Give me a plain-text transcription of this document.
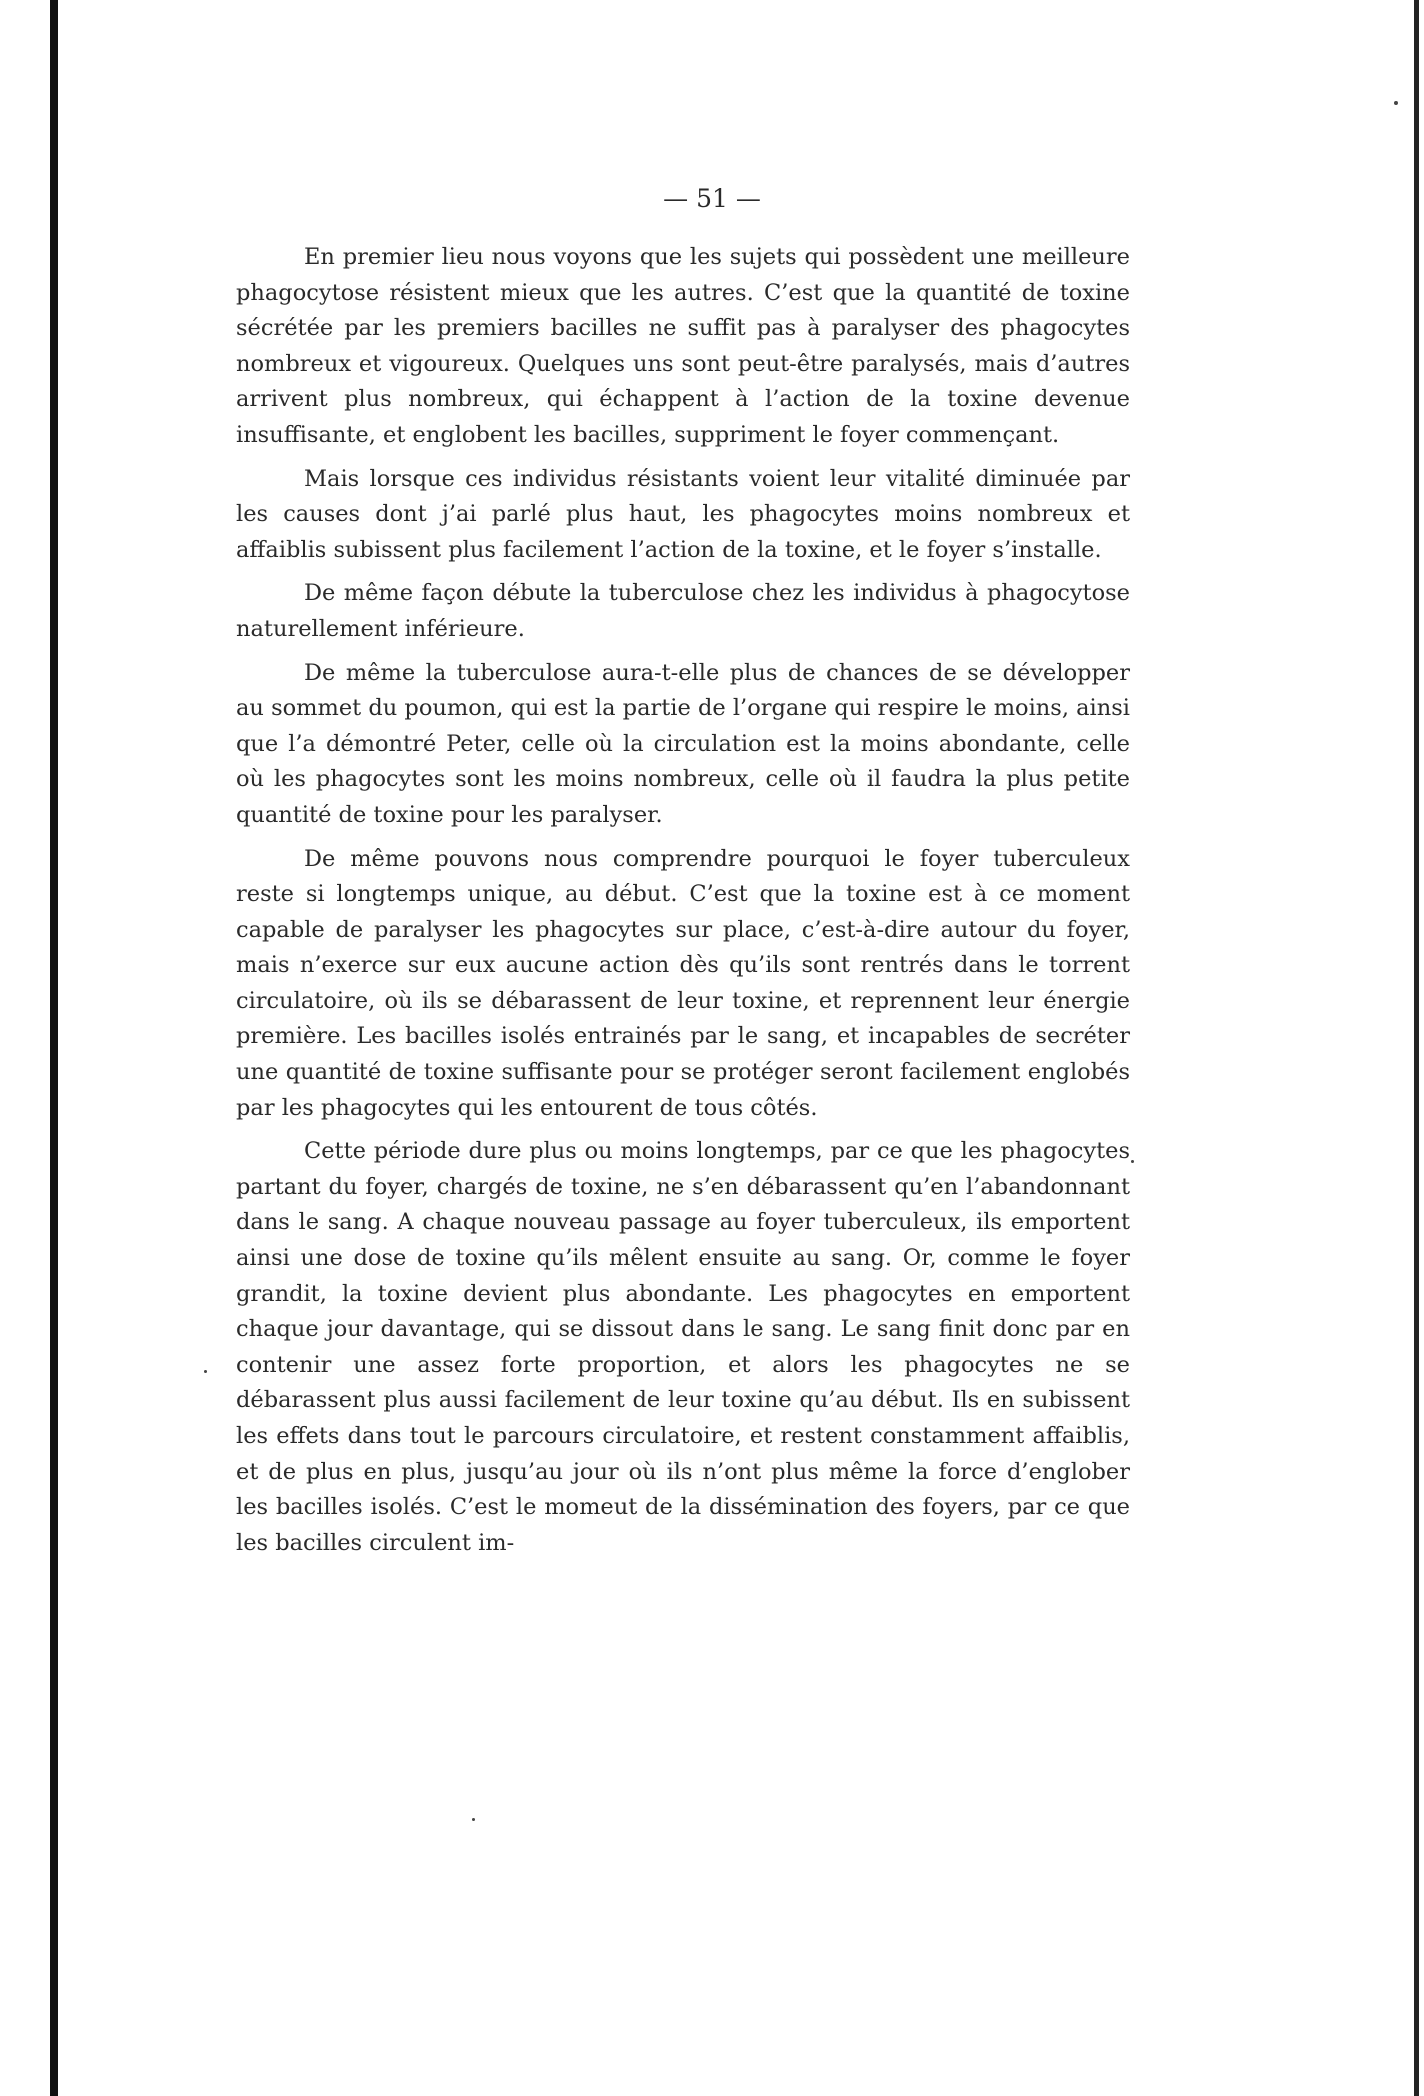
— 51 —

En premier lieu nous voyons que les sujets qui possèdent une meilleure phagocytose résistent mieux que les autres. C’est que la quantité de toxine sécrétée par les premiers bacilles ne suffit pas à paralyser des phagocytes nombreux et vigoureux. Quelques uns sont peut-être paralysés, mais d’autres arrivent plus nombreux, qui échappent à l’action de la toxine devenue insuffisante, et englobent les bacilles, suppriment le foyer commençant.

Mais lorsque ces individus résistants voient leur vitalité diminuée par les causes dont j’ai parlé plus haut, les phagocytes moins nombreux et affaiblis subissent plus facilement l’action de la toxine, et le foyer s’installe.

De même façon débute la tuberculose chez les individus à phagocytose naturellement inférieure.

De même la tuberculose aura-t-elle plus de chances de se développer au sommet du poumon, qui est la partie de l’organe qui respire le moins, ainsi que l’a démontré Peter, celle où la circulation est la moins abondante, celle où les phagocytes sont les moins nombreux, celle où il faudra la plus petite quantité de toxine pour les paralyser.

De même pouvons nous comprendre pourquoi le foyer tuberculeux reste si longtemps unique, au début. C’est que la toxine est à ce moment capable de paralyser les phagocytes sur place, c’est-à-dire autour du foyer, mais n’exerce sur eux aucune action dès qu’ils sont rentrés dans le torrent circulatoire, où ils se débarassent de leur toxine, et reprennent leur énergie première. Les bacilles isolés entrainés par le sang, et incapables de secréter une quantité de toxine suffisante pour se protéger seront facilement englobés par les phagocytes qui les entourent de tous côtés.

Cette période dure plus ou moins longtemps, par ce que les phagocytes partant du foyer, chargés de toxine, ne s’en débarassent qu’en l’abandonnant dans le sang. A chaque nouveau passage au foyer tuberculeux, ils emportent ainsi une dose de toxine qu’ils mêlent ensuite au sang. Or, comme le foyer grandit, la toxine devient plus abondante. Les phagocytes en emportent chaque jour davantage, qui se dissout dans le sang. Le sang finit donc par en contenir une assez forte proportion, et alors les phagocytes ne se débarassent plus aussi facilement de leur toxine qu’au début. Ils en subissent les effets dans tout le parcours circulatoire, et restent constamment affaiblis, et de plus en plus, jusqu’au jour où ils n’ont plus même la force d’englober les bacilles isolés. C’est le momeut de la dissémination des foyers, par ce que les bacilles circulent im-
